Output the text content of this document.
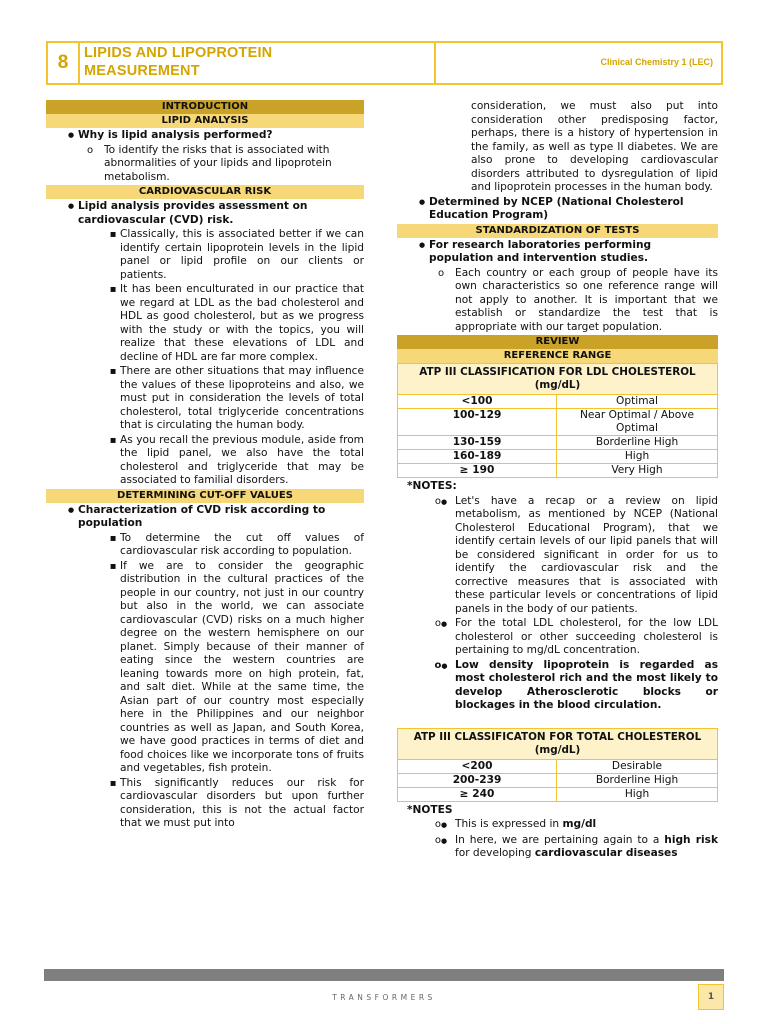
8	LIPIDS AND LIPOPROTEIN
MEASUREMENT
Clinical Chemistry 1 (LEC)
INTRODUCTION
LIPID ANALYSIS
●
Why is lipid analysis performed?
o
To identify the risks that is associated with abnormalities of your lipids and lipoprotein metabolism.
CARDIOVASCULAR RISK
●
Lipid analysis provides assessment on cardiovascular (CVD) risk.
▪
Classically, this is associated better if we can identify certain lipoprotein levels in the lipid panel or lipid profile on our clients or patients.
▪
It has been enculturated in our practice that we regard at LDL as the bad cholesterol and HDL as good cholesterol, but as we progress with the study or with the topics, you will realize that these elevations of LDL and decline of HDL are far more complex.
▪
There are other situations that may influence the values of these lipoproteins and also, we must put in consideration the levels of total cholesterol, total triglyceride concentrations that is circulating the human body.
▪
As you recall the previous module, aside from the lipid panel, we also have the total cholesterol and triglyceride that may be associated to familial disorders.
DETERMINING CUT-OFF VALUES
●
Characterization of CVD risk according to population
▪
To determine the cut off values of cardiovascular risk according to population.
▪
If we are to consider the geographic distribution in the cultural practices of the people in our country, not just in our country but also in the world, we can associate cardiovascular (CVD) risks on a much higher degree on the western hemisphere on our planet. Simply because of their manner of eating since the western countries are leaning towards more on high protein, fat, and salt diet. While at the same time, the Asian part of our country most especially here in the Philippines and our neighbor countries as well as Japan, and South Korea, we have good practices in terms of diet and food choices like we incorporate tons of fruits and vegetables, fish protein.
▪
This significantly reduces our risk for cardiovascular disorders but upon further consideration, this is not the actual factor that we must put into
consideration, we must also put into consideration other predisposing factor, perhaps, there is a history of hypertension in the family, as well as type II diabetes. We are also prone to developing cardiovascular disorders attributed to dysregulation of lipid and lipoprotein processes in the human body.
●
Determined by NCEP (National Cholesterol Education Program)
STANDARDIZATION OF TESTS
●
For research laboratories performing population and intervention studies.
o
Each country or each group of people have its own characteristics so one reference range will not apply to another. It is important that we establish or standardize the test that is appropriate with our target population.
REVIEW
REFERENCE RANGE
ATP III CLASSIFICATION FOR LDL CHOLESTEROL (mg/dL)	
<100	Optimal
100-129	Near Optimal / Above Optimal
130-159	Borderline High
160-189	High
≥ 190	Very High
*NOTES:
o ● Let's have a recap or a review on lipid metabolism, as mentioned by NCEP (National Cholesterol Educational Program), that we identify certain levels of our lipid panels that will be considered significant in order for us to identify the cardiovascular risk and the corrective measures that is associated with these particular levels or concentrations of lipid panels in the body of our patients.
o ● For the total LDL cholesterol, for the low LDL cholesterol or other succeeding cholesterol is pertaining to mg/dL concentration.
o ● Low density lipoprotein is regarded as most cholesterol rich and the most likely to develop Atherosclerotic blocks or blockages in the blood circulation.
ATP III CLASSIFICATON FOR TOTAL CHOLESTEROL (mg/dL)	
<200	Desirable
200-239	Borderline High
≥ 240	High
*NOTES
o ● This is expressed in mg/dl
o ● In here, we are pertaining again to a high risk for developing cardiovascular diseases
TRANSFORMERS	1
